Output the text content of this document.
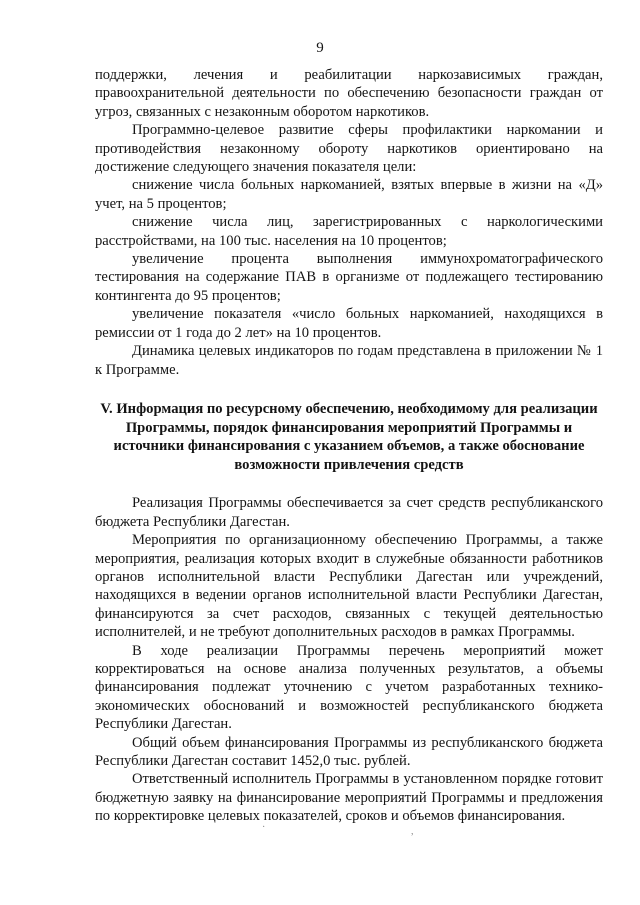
9

поддержки, лечения и реабилитации наркозависимых граждан, правоохранительной деятельности по обеспечению безопасности граждан от угроз, связанных с незаконным оборотом наркотиков.

Программно-целевое развитие сферы профилактики наркомании и противодействия незаконному обороту наркотиков ориентировано на достижение следующего значения показателя цели:

снижение числа больных наркоманией, взятых впервые в жизни на «Д» учет, на 5 процентов;

снижение числа лиц, зарегистрированных с наркологическими расстройствами, на 100 тыс. населения на 10 процентов;

увеличение процента выполнения иммунохроматографического тестирования на содержание ПАВ в организме от подлежащего тестированию контингента до 95 процентов;

увеличение показателя «число больных наркоманией, находящихся в ремиссии от 1 года до 2 лет» на 10 процентов.

Динамика целевых индикаторов по годам представлена в приложении № 1 к Программе.

V. Информация по ресурсному обеспечению, необходимому для реализации Программы, порядок финансирования мероприятий Программы и источники финансирования с указанием объемов, а также обоснование возможности привлечения средств

Реализация Программы обеспечивается за счет средств республиканского бюджета Республики Дагестан.

Мероприятия по организационному обеспечению Программы, а также мероприятия, реализация которых входит в служебные обязанности работников органов исполнительной власти Республики Дагестан или учреждений, находящихся в ведении органов исполнительной власти Республики Дагестан, финансируются за счет расходов, связанных с текущей деятельностью исполнителей, и не требуют дополнительных расходов в рамках Программы.

В ходе реализации Программы перечень мероприятий может корректироваться на основе анализа полученных результатов, а объемы финансирования подлежат уточнению с учетом разработанных технико-экономических обоснований и возможностей республиканского бюджета Республики Дагестан.

Общий объем финансирования Программы из республиканского бюджета Республики Дагестан составит 1452,0 тыс. рублей.

Ответственный исполнитель Программы в установленном порядке готовит бюджетную заявку на финансирование мероприятий Программы и предложения по корректировке целевых показателей, сроков и объемов финансирования.

·	,
